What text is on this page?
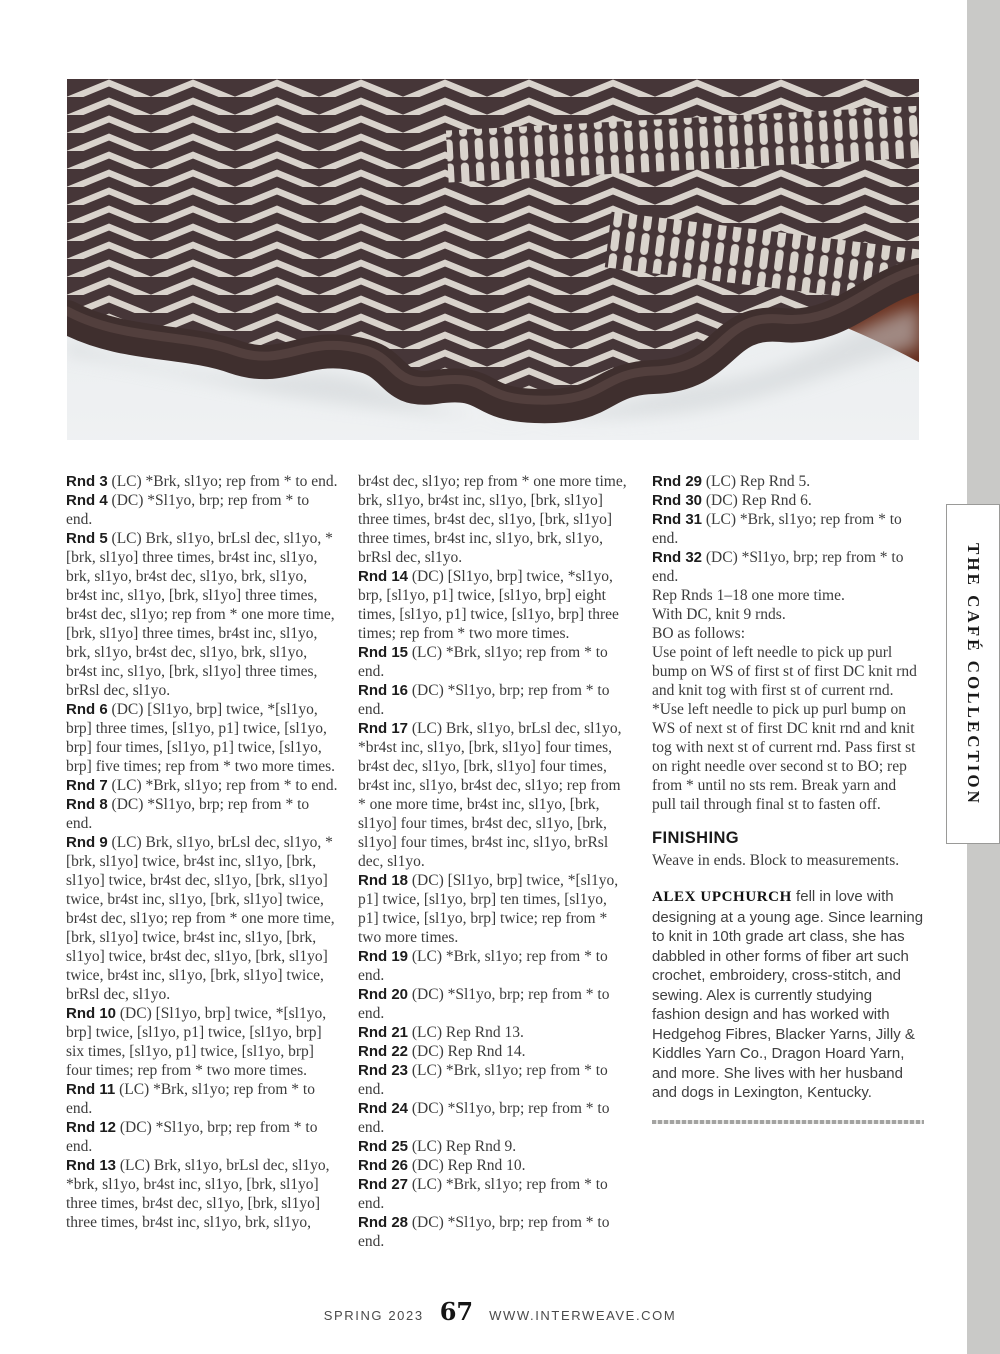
Rnd 3 (LC) *Brk, sl1yo; rep from * to end.

Rnd 4 (DC) *Sl1yo, brp; rep from * to end.

Rnd 5 (LC) Brk, sl1yo, brLsl dec, sl1yo, *[brk, sl1yo] three times, br4st inc, sl1yo, brk, sl1yo, br4st dec, sl1yo, brk, sl1yo, br4st inc, sl1yo, [brk, sl1yo] three times, br4st dec, sl1yo; rep from * one more time, [brk, sl1yo] three times, br4st inc, sl1yo, brk, sl1yo, br4st dec, sl1yo, brk, sl1yo, br4st inc, sl1yo, [brk, sl1yo] three times, brRsl dec, sl1yo.

Rnd 6 (DC) [Sl1yo, brp] twice, *[sl1yo, brp] three times, [sl1yo, p1] twice, [sl1yo, brp] four times, [sl1yo, p1] twice, [sl1yo, brp] five times; rep from * two more times.

Rnd 7 (LC) *Brk, sl1yo; rep from * to end.

Rnd 8 (DC) *Sl1yo, brp; rep from * to end.

Rnd 9 (LC) Brk, sl1yo, brLsl dec, sl1yo, *[brk, sl1yo] twice, br4st inc, sl1yo, [brk, sl1yo] twice, br4st dec, sl1yo, [brk, sl1yo] twice, br4st inc, sl1yo, [brk, sl1yo] twice, br4st dec, sl1yo; rep from * one more time, [brk, sl1yo] twice, br4st inc, sl1yo, [brk, sl1yo] twice, br4st dec, sl1yo, [brk, sl1yo] twice, br4st inc, sl1yo, [brk, sl1yo] twice, brRsl dec, sl1yo.

Rnd 10 (DC) [Sl1yo, brp] twice, *[sl1yo, brp] twice, [sl1yo, p1] twice, [sl1yo, brp] six times, [sl1yo, p1] twice, [sl1yo, brp] four times; rep from * two more times.

Rnd 11 (LC) *Brk, sl1yo; rep from * to end.

Rnd 12 (DC) *Sl1yo, brp; rep from * to end.

Rnd 13 (LC) Brk, sl1yo, brLsl dec, sl1yo, *brk, sl1yo, br4st inc, sl1yo, [brk, sl1yo] three times, br4st dec, sl1yo, [brk, sl1yo] three times, br4st inc, sl1yo, brk, sl1yo,

br4st dec, sl1yo; rep from * one more time, brk, sl1yo, br4st inc, sl1yo, [brk, sl1yo] three times, br4st dec, sl1yo, [brk, sl1yo] three times, br4st inc, sl1yo, brk, sl1yo, brRsl dec, sl1yo.

Rnd 14 (DC) [Sl1yo, brp] twice, *sl1yo, brp, [sl1yo, p1] twice, [sl1yo, brp] eight times, [sl1yo, p1] twice, [sl1yo, brp] three times; rep from * two more times.

Rnd 15 (LC) *Brk, sl1yo; rep from * to end.

Rnd 16 (DC) *Sl1yo, brp; rep from * to end.

Rnd 17 (LC) Brk, sl1yo, brLsl dec, sl1yo, *br4st inc, sl1yo, [brk, sl1yo] four times, br4st dec, sl1yo, [brk, sl1yo] four times, br4st inc, sl1yo, br4st dec, sl1yo; rep from * one more time, br4st inc, sl1yo, [brk, sl1yo] four times, br4st dec, sl1yo, [brk, sl1yo] four times, br4st inc, sl1yo, brRsl dec, sl1yo.

Rnd 18 (DC) [Sl1yo, brp] twice, *[sl1yo, p1] twice, [sl1yo, brp] ten times, [sl1yo, p1] twice, [sl1yo, brp] twice; rep from * two more times.

Rnd 19 (LC) *Brk, sl1yo; rep from * to end.

Rnd 20 (DC) *Sl1yo, brp; rep from * to end.

Rnd 21 (LC) Rep Rnd 13.

Rnd 22 (DC) Rep Rnd 14.

Rnd 23 (LC) *Brk, sl1yo; rep from * to end.

Rnd 24 (DC) *Sl1yo, brp; rep from * to end.

Rnd 25 (LC) Rep Rnd 9.

Rnd 26 (DC) Rep Rnd 10.

Rnd 27 (LC) *Brk, sl1yo; rep from * to end.

Rnd 28 (DC) *Sl1yo, brp; rep from * to end.

Rnd 29 (LC) Rep Rnd 5.

Rnd 30 (DC) Rep Rnd 6.

Rnd 31 (LC) *Brk, sl1yo; rep from * to end.

Rnd 32 (DC) *Sl1yo, brp; rep from * to end.

Rep Rnds 1–18 one more time.

With DC, knit 9 rnds.

BO as follows:

Use point of left needle to pick up purl bump on WS of first st of first DC knit rnd and knit tog with first st of current rnd. *Use left needle to pick up purl bump on WS of next st of first DC knit rnd and knit tog with next st of current rnd. Pass first st on right needle over second st to BO; rep from * until no sts rem. Break yarn and pull tail through final st to fasten off.

FINISHING

Weave in ends. Block to measurements.

ALEX UPCHURCH fell in love with designing at a young age. Since learning to knit in 10th grade art class, she has dabbled in other forms of fiber art such crochet, embroidery, cross-stitch, and sewing. Alex is currently studying fashion design and has worked with Hedgehog Fibres, Blacker Yarns, Jilly & Kiddles Yarn Co., Dragon Hoard Yarn, and more. She lives with her husband and dogs in Lexington, Kentucky.

THE CAFÉ COLLECTION
SPRING 2023 67 WWW.INTERWEAVE.COM
